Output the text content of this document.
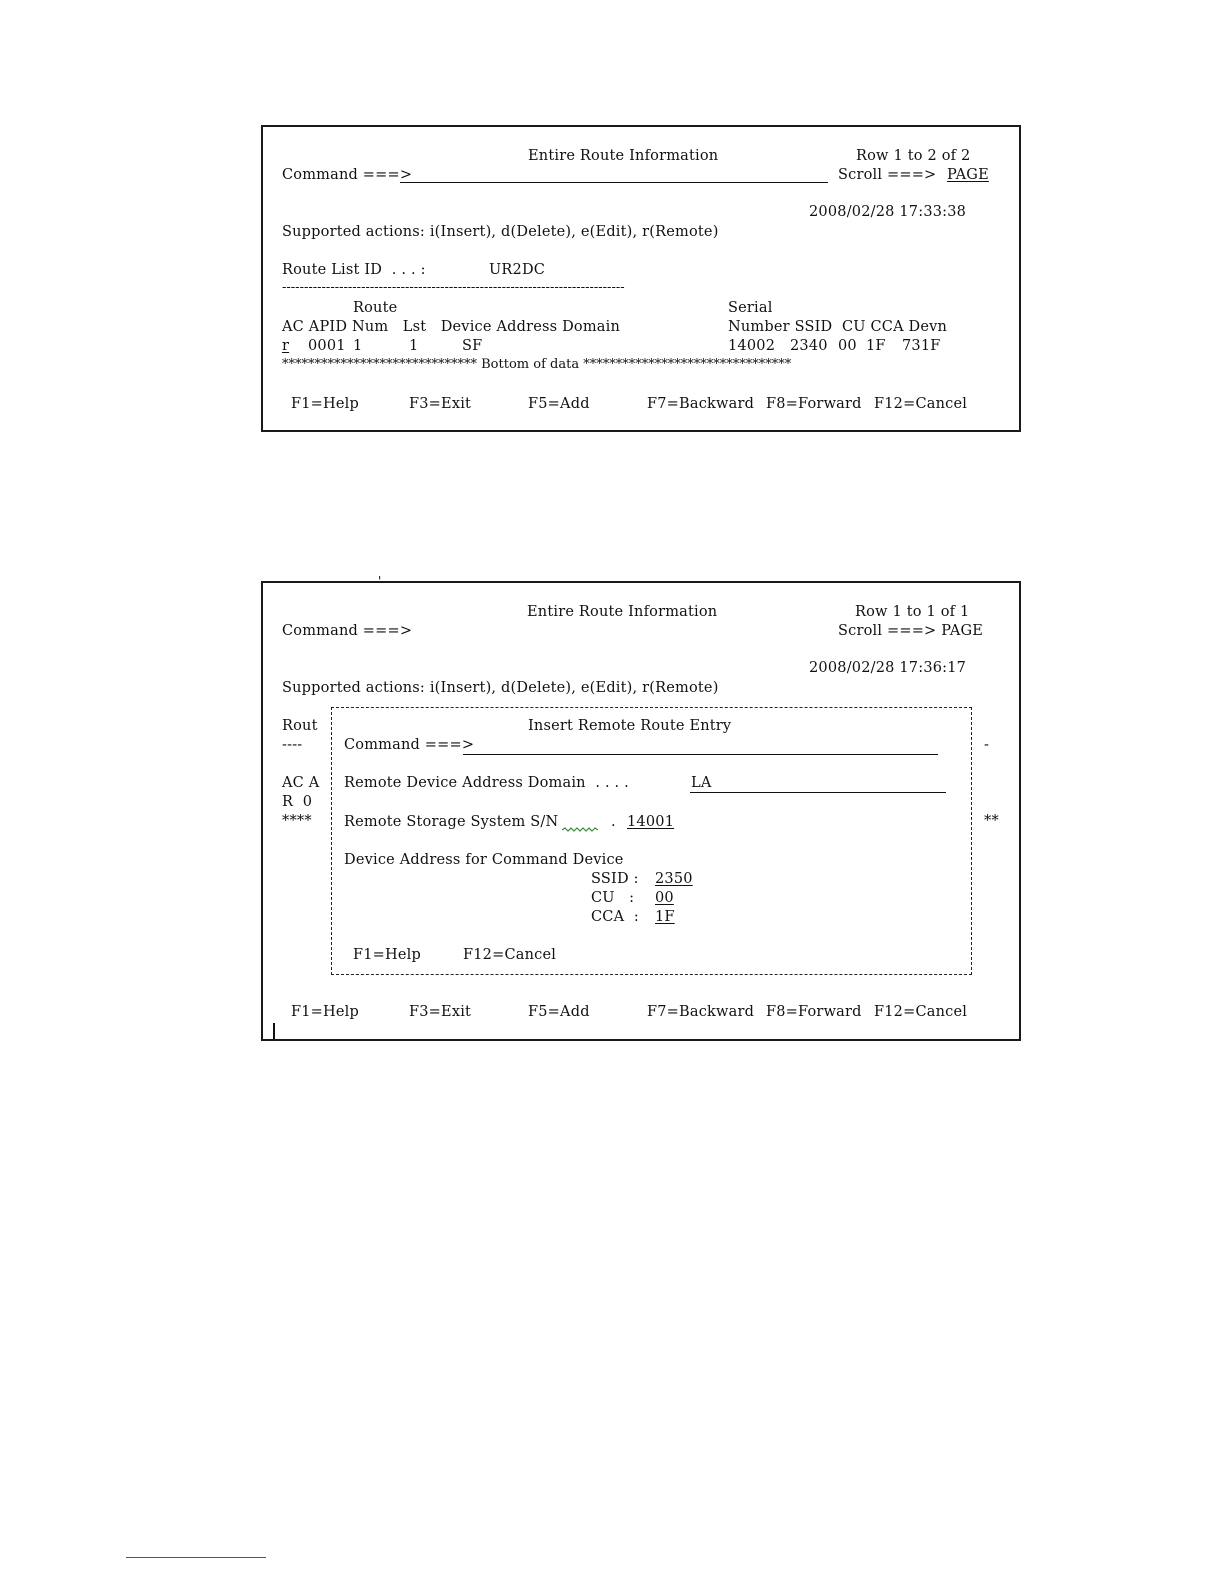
Entire Route Information	Row 1 to 2 of 2
Command ===>	Scroll ===> PAGE
2008/02/28 17:33:38
Supported actions: i(Insert), d(Delete), e(Edit), r(Remote)
Route List ID  . . . :	UR2DC
------------------------------------------------------------------------------
Route	Serial
AC APID Num   Lst   Device Address Domain	Number SSID  CU CCA Devn
r 0001 1	1	SF	14002 2340 00 1F 731F
****************************** Bottom of data ********************************
F1=Help	F3=Exit	F5=Add	F7=Backward F8=Forward F12=Cancel
Entire Route Information	Row 1 to 1 of 1
Command ===>	Scroll ===> PAGE
2008/02/28 17:36:17
Supported actions: i(Insert), d(Delete), e(Edit), r(Remote)
Rout
----
AC A
R  0
****
-
**
Insert Remote Route Entry
Command ===>
Remote Device Address Domain  . . . .	LA
Remote Storage System S/N	. 14001
Device Address for Command Device
SSID : 2350
CU   : 00
CCA  : 1F
F1=Help	F12=Cancel
F1=Help	F3=Exit	F5=Add	F7=Backward F8=Forward F12=Cancel
